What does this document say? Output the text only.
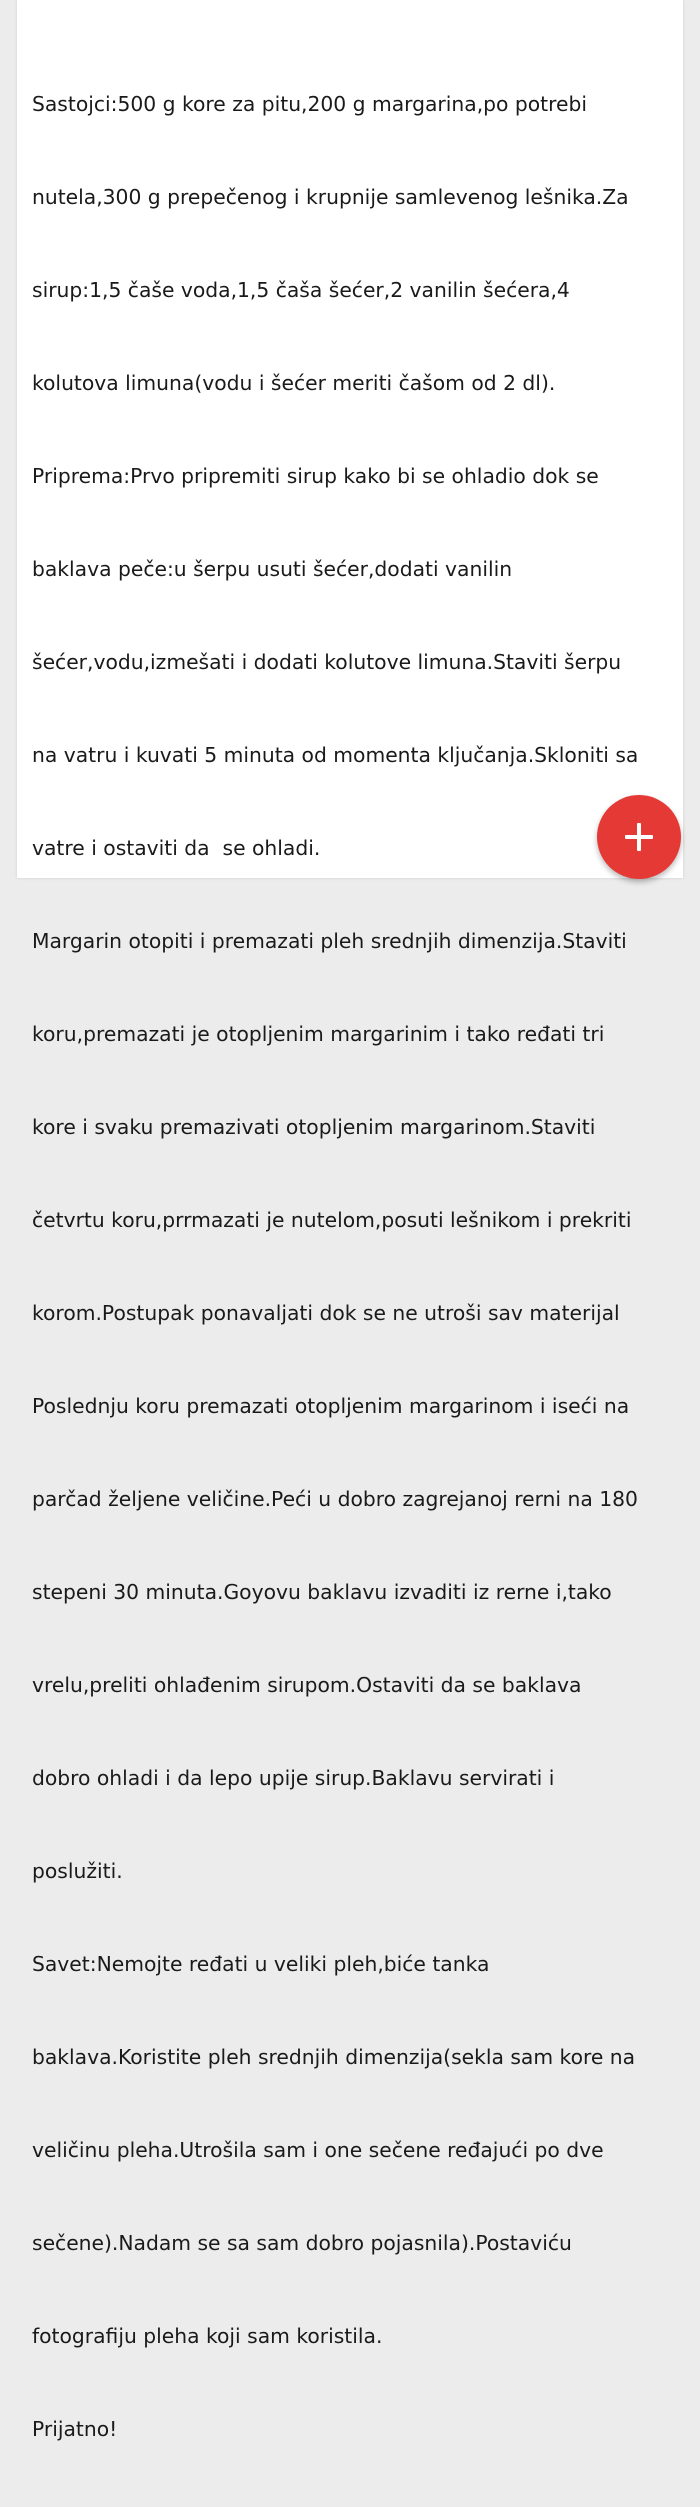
Sastojci:500 g kore za pitu,200 g margarina,po potrebi

nutela,300 g prepečenog i krupnije samlevenog lešnika.Za

sirup:1,5 čaše voda,1,5 čaša šećer,2 vanilin šećera,4

kolutova limuna(vodu i šećer meriti čašom od 2 dl).

Priprema:Prvo pripremiti sirup kako bi se ohladio dok se

baklava peče:u šerpu usuti šećer,dodati vanilin

šećer,vodu,izmešati i dodati kolutove limuna.Staviti šerpu

na vatru i kuvati 5 minuta od momenta ključanja.Skloniti sa

vatre i ostaviti da  se ohladi.

Margarin otopiti i premazati pleh srednjih dimenzija.Staviti

koru,premazati je otopljenim margarinim i tako ređati tri

kore i svaku premazivati otopljenim margarinom.Staviti

četvrtu koru,prrmazati je nutelom,posuti lešnikom i prekriti

korom.Postupak ponavaljati dok se ne utroši sav materijal

Poslednju koru premazati otopljenim margarinom i iseći na

parčad željene veličine.Peći u dobro zagrejanoj rerni na 180

stepeni 30 minuta.Goyovu baklavu izvaditi iz rerne i,tako

vrelu,preliti ohlađenim sirupom.Ostaviti da se baklava

dobro ohladi i da lepo upije sirup.Baklavu servirati i

poslužiti.

Savet:Nemojte ređati u veliki pleh,biće tanka

baklava.Koristite pleh srednjih dimenzija(sekla sam kore na

veličinu pleha.Utrošila sam i one sečene ređajući po dve

sečene).Nadam se sa sam dobro pojasnila).Postaviću

fotografiju pleha koji sam koristila.

Prijatno!
